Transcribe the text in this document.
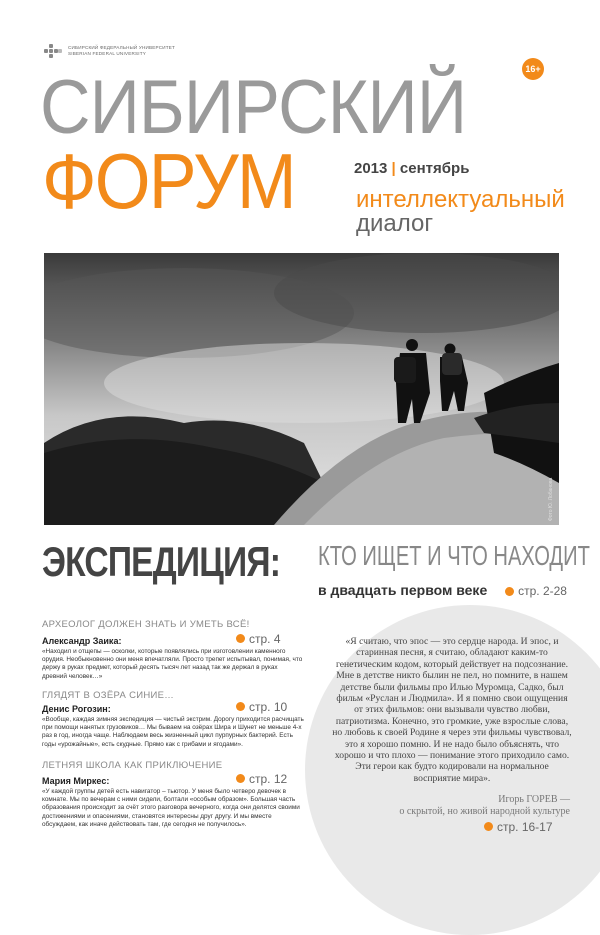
СИБИРСКИЙ ФЕДЕРАЛЬНЫЙ УНИВЕРСИТЕТ
SIBERIAN FEDERAL UNIVERSITY
16+
СИБИРСКИЙ
ФОРУМ	2013 | сентябрь
интеллектуальный
диалог
Фото Ю. Лобанова
ЭКСПЕДИЦИЯ: КТО ИЩЕТ И ЧТО НАХОДИТ
в двадцать первом веке	стр. 2-28
«Я считаю, что эпос — это сердце народа. И эпос, и старинная песня, я считаю, обладают каким-то генетическим кодом, который действует на подсознание. Мне в детстве никто былин не пел, но помните, в нашем детстве были фильмы про Илью Муромца, Садко, был фильм «Руслан и Людмила». И я помню свои ощущения от этих фильмов: они вызывали чувство любви, патриотизма. Конечно, это громкие, уже взрослые слова, но любовь к своей Родине я через эти фильмы чувствовал, это я хорошо помню. И не надо было объяснять, что хорошо и что плохо — понимание этого приходило само. Эти герои как будто кодировали на нормальное восприятие мира».
Игорь ГОРЕВ —
о скрытой, но живой народной культуре
стр. 16-17
АРХЕОЛОГ ДОЛЖЕН ЗНАТЬ И УМЕТЬ ВСЁ!
Александр Заика:	стр. 4
«Находил и отщепы — осколки, которые появлялись при изготовлении каменного орудия. Необыкновенно они меня впечатляли. Просто трепет испытывал, понимая, что держу в руках предмет, который десять тысяч лет назад так же держал в руках древний человек…»
ГЛЯДЯТ В ОЗЁРА СИНИЕ…
Денис Рогозин:	стр. 10
«Вообще, каждая зимняя экспедиция — чистый экстрим. Дорогу приходится расчищать при помощи нанятых грузовиков… Мы бываем на озёрах Шира и Шунет не меньше 4-х раз в год, иногда чаще. Наблюдаем весь жизненный цикл пурпурных бактерий. Есть годы «урожайные», есть скудные. Прямо как с грибами и ягодами».
ЛЕТНЯЯ ШКОЛА КАК ПРИКЛЮЧЕНИЕ
Мария Миркес:	стр. 12
«У каждой группы детей есть навигатор – тьютор. У меня было четверо девочек в комнате. Мы по вечерам с ними сидели, болтали «особым образом». Большая часть образования происходит за счёт этого разговора вечерного, когда они делятся своими достижениями и опасениями, становятся интересны друг другу. И мы вместе обсуждаем, как иначе действовать там, где сегодня не получилось».
